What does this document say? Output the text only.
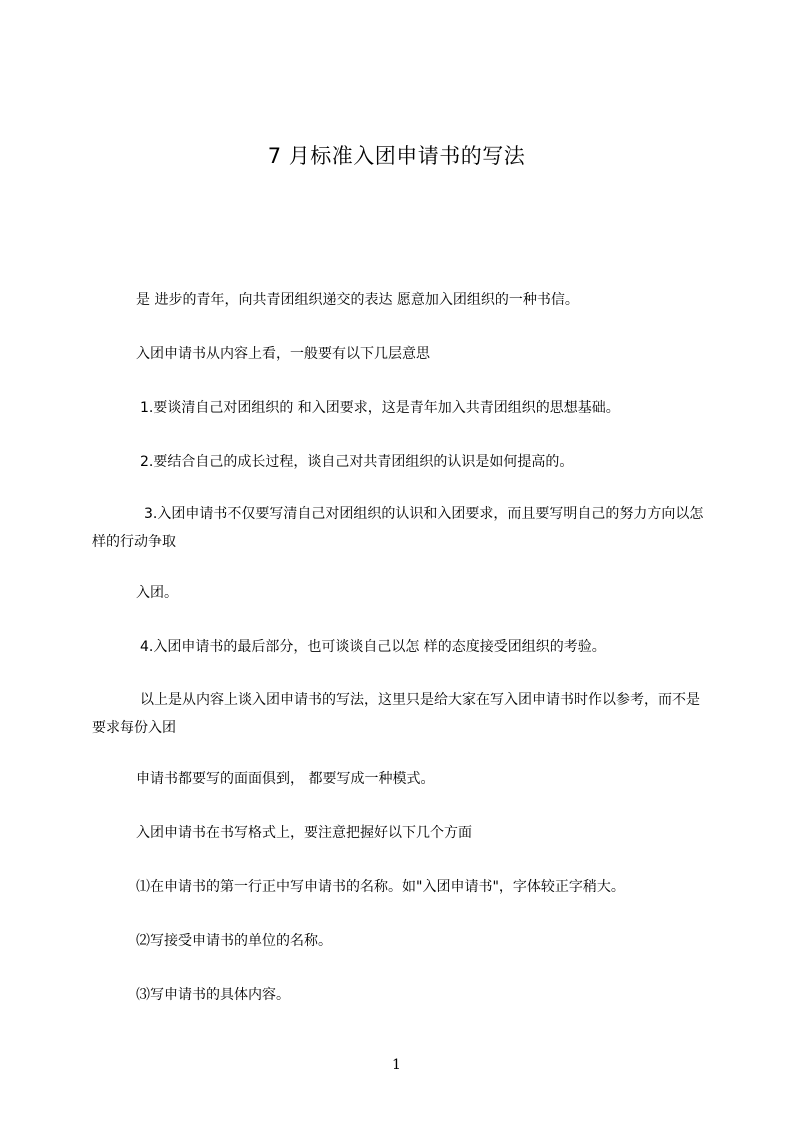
7 月标准入团申请书的写法
是 进步的青年，向共青团组织递交的表达 愿意加入团组织的一种书信。
入团申请书从内容上看，一般要有以下几层意思
1.要谈清自己对团组织的 和入团要求，这是青年加入共青团组织的思想基础。
2.要结合自己的成长过程，谈自己对共青团组织的认识是如何提高的。
3.入团申请书不仅要写清自己对团组织的认识和入团要求，而且要写明自己的努力方向以怎样的行动争取
入团。
4.入团申请书的最后部分，也可谈谈自己以怎 样的态度接受团组织的考验。
以上是从内容上谈入团申请书的写法，这里只是给大家在写入团申请书时作以参考，而不是要求每份入团
申请书都要写的面面俱到， 都要写成一种模式。
入团申请书在书写格式上，要注意把握好以下几个方面
⑴在申请书的第一行正中写申请书的名称。如"入团申请书"，字体较正字稍大。
⑵写接受申请书的单位的名称。
⑶写申请书的具体内容。
1
